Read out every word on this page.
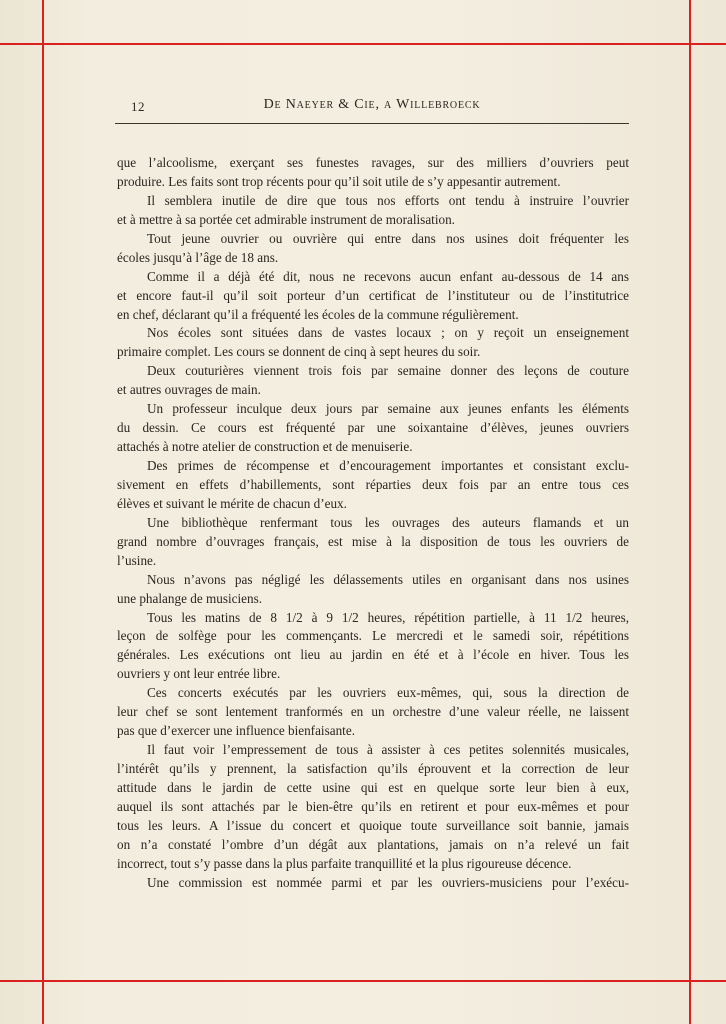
12	De Naeyer & Cie, a Willebroeck
que l’alcoolisme, exerçant ses funestes ravages, sur des milliers d’ouvriers peut
produire. Les faits sont trop récents pour qu’il soit utile de s’y appesantir autrement.
Il semblera inutile de dire que tous nos efforts ont tendu à instruire l’ouvrier
et à mettre à sa portée cet admirable instrument de moralisation.
Tout jeune ouvrier ou ouvrière qui entre dans nos usines doit fréquenter les
écoles jusqu’à l’âge de 18 ans.
Comme il a déjà été dit, nous ne recevons aucun enfant au-dessous de 14 ans
et encore faut-il qu’il soit porteur d’un certificat de l’instituteur ou de l’institutrice
en chef, déclarant qu’il a fréquenté les écoles de la commune régulièrement.
Nos écoles sont situées dans de vastes locaux ; on y reçoit un enseignement
primaire complet. Les cours se donnent de cinq à sept heures du soir.
Deux couturières viennent trois fois par semaine donner des leçons de couture
et autres ouvrages de main.
Un professeur inculque deux jours par semaine aux jeunes enfants les éléments
du dessin. Ce cours est fréquenté par une soixantaine d’élèves, jeunes ouvriers
attachés à notre atelier de construction et de menuiserie.
Des primes de récompense et d’encouragement importantes et consistant exclu-
sivement en effets d’habillements, sont réparties deux fois par an entre tous ces
élèves et suivant le mérite de chacun d’eux.
Une bibliothèque renfermant tous les ouvrages des auteurs flamands et un
grand nombre d’ouvrages français, est mise à la disposition de tous les ouvriers de
l’usine.
Nous n’avons pas négligé les délassements utiles en organisant dans nos usines
une phalange de musiciens.
Tous les matins de 8 1/2 à 9 1/2 heures, répétition partielle, à 11 1/2 heures,
leçon de solfège pour les commençants. Le mercredi et le samedi soir, répétitions
générales. Les exécutions ont lieu au jardin en été et à l’école en hiver. Tous les
ouvriers y ont leur entrée libre.
Ces concerts exécutés par les ouvriers eux-mêmes, qui, sous la direction de
leur chef se sont lentement tranformés en un orchestre d’une valeur réelle, ne laissent
pas que d’exercer une influence bienfaisante.
Il faut voir l’empressement de tous à assister à ces petites solennités musicales,
l’intérêt qu’ils y prennent, la satisfaction qu’ils éprouvent et la correction de leur
attitude dans le jardin de cette usine qui est en quelque sorte leur bien à eux,
auquel ils sont attachés par le bien-être qu’ils en retirent et pour eux-mêmes et pour
tous les leurs. A l’issue du concert et quoique toute surveillance soit bannie, jamais
on n’a constaté l’ombre d’un dégât aux plantations, jamais on n’a relevé un fait
incorrect, tout s’y passe dans la plus parfaite tranquillité et la plus rigoureuse décence.
Une commission est nommée parmi et par les ouvriers-musiciens pour l’exécu-
